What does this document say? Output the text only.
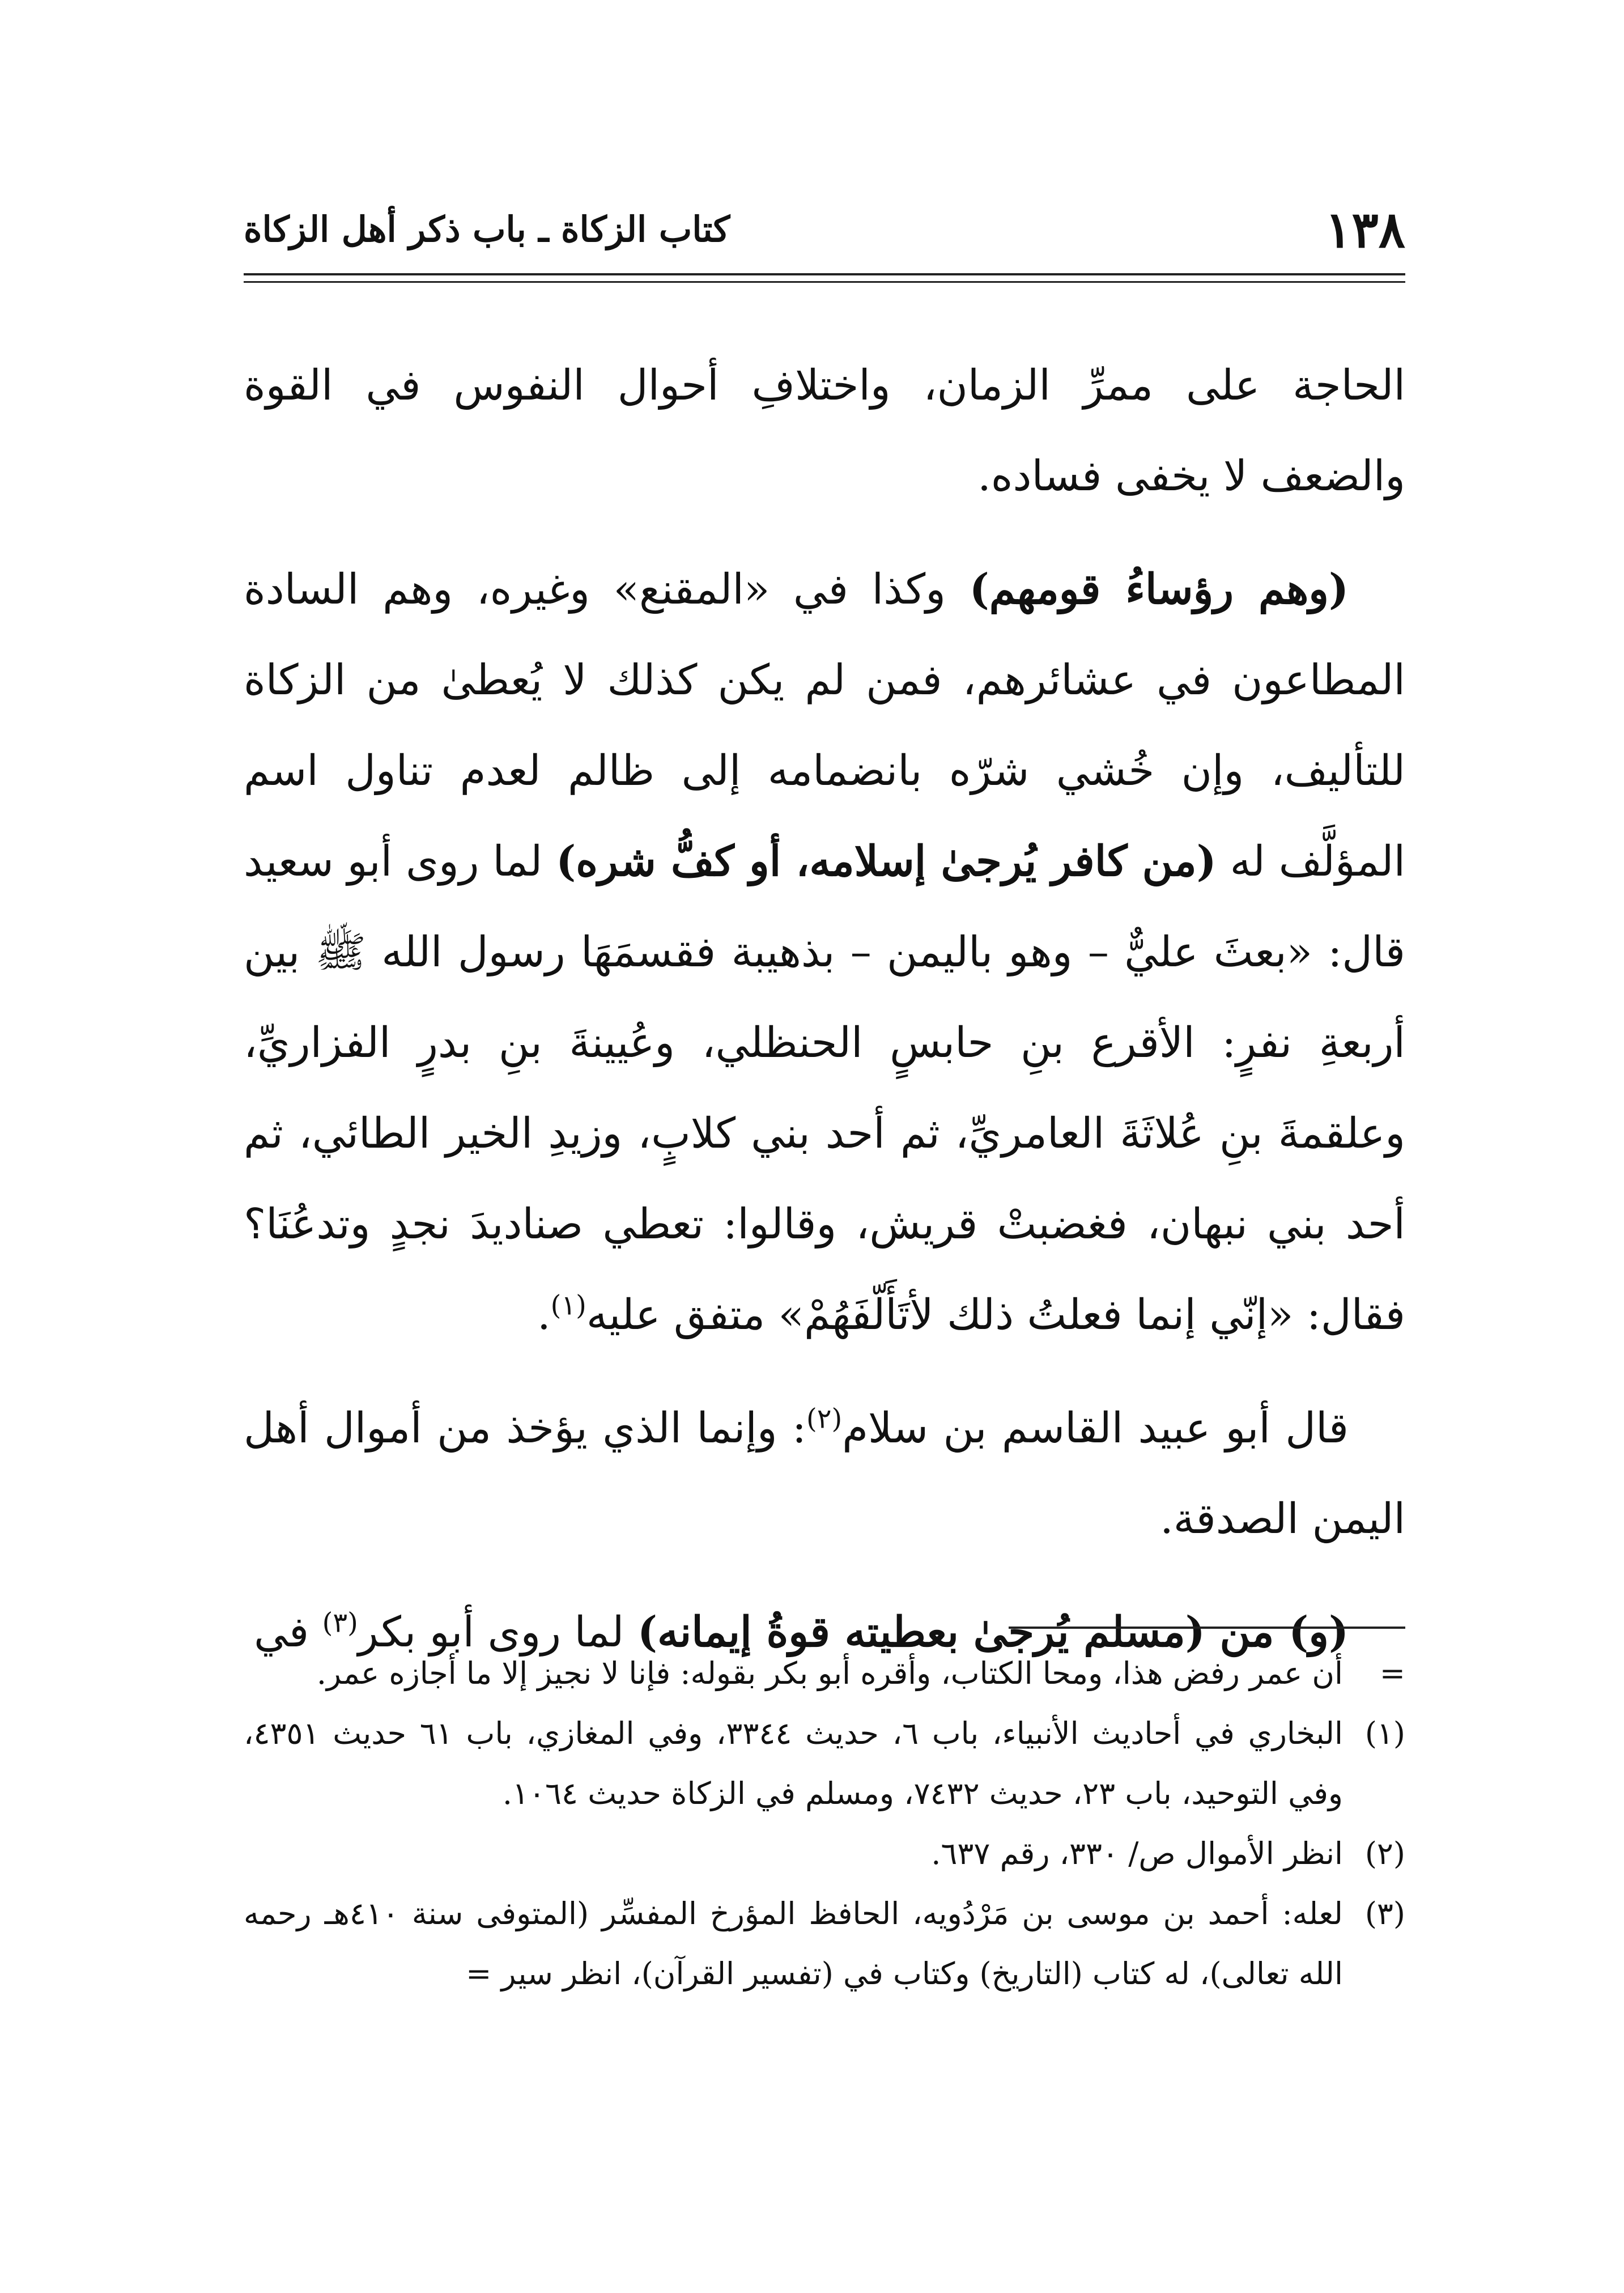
١٣٨
كتاب الزكاة ـ باب ذكر أهل الزكاة

الحاجة على ممرِّ الزمان، واختلافِ أحوال النفوس في القوة والضعف لا يخفى فساده.

(وهم رؤساءُ قومهم) وكذا في «المقنع» وغيره، وهم السادة المطاعون في عشائرهم، فمن لم يكن كذلك لا يُعطىٰ من الزكاة للتأليف، وإن خُشي شرّه بانضمامه إلى ظالم لعدم تناول اسم المؤلَّف له (من كافر يُرجىٰ إسلامه، أو كفُّ شره) لما روى أبو سعيد قال: «بعثَ عليٌّ – وهو باليمن – بذهيبة فقسمَهَا رسول الله ﷺ بين أربعةِ نفرٍ: الأقرع بنِ حابسٍ الحنظلي، وعُيينةَ بنِ بدرٍ الفزاريِّ، وعلقمةَ بنِ عُلاثَةَ العامريِّ، ثم أحد بني كلابٍ، وزيدِ الخير الطائي، ثم أحد بني نبهان، فغضبتْ قريش، وقالوا: تعطي صناديدَ نجدٍ وتدعُنَا؟ فقال: «إنّي إنما فعلتُ ذلك لأتَأَلّفَهُمْ» متفق عليه$^{(١)}$.

قال أبو عبيد القاسم بن سلام$^{(٢)}$: وإنما الذي يؤخذ من أموال أهل اليمن الصدقة.

(و) من (مسلم يُرجىٰ بعطيته قوةُ إيمانه) لما روى أبو بكر$^{(٣)}$ في

=
أن عمر رفض هذا، ومحا الكتاب، وأقره أبو بكر بقوله: فإنا لا نجيز إلا ما أجازه عمر.
(١)
البخاري في أحاديث الأنبياء، باب ٦، حديث ٣٣٤٤، وفي المغازي، باب ٦١ حديث ٤٣٥١، وفي التوحيد، باب ٢٣، حديث ٧٤٣٢، ومسلم في الزكاة حديث ١٠٦٤.
(٢)
انظر الأموال ص/ ٣٣٠، رقم ٦٣٧.
(٣)
لعله: أحمد بن موسى بن مَرْدُويه، الحافظ المؤرخ المفسِّر (المتوفى سنة ٤١٠هـ رحمه الله تعالى)، له كتاب (التاريخ) وكتاب في (تفسير القرآن)، انظر سير =
